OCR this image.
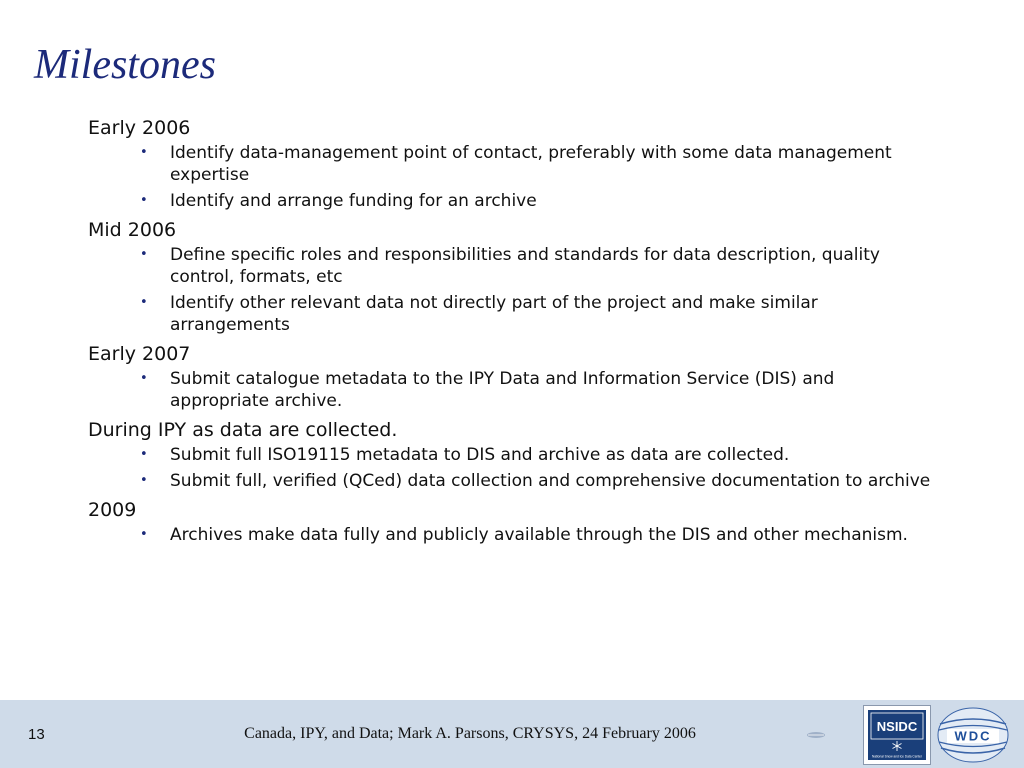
Milestones
Early 2006
• Identify data-management point of contact, preferably with some data management expertise
• Identify and arrange funding for an archive
Mid 2006
• Define specific roles and responsibilities and standards for data description, quality control, formats, etc
• Identify other relevant data not directly part of the project and make similar arrangements
Early 2007
• Submit catalogue metadata to the IPY Data and Information Service (DIS) and appropriate archive.
During IPY as data are collected.
• Submit full ISO19115 metadata to DIS and archive as data are collected.
• Submit full, verified (QCed) data collection and comprehensive documentation to archive
2009
• Archives make data fully and publicly available through the DIS and other mechanism.
13	Canada, IPY, and Data; Mark A. Parsons, CRYSYS, 24 February 2006	NSIDC
National Snow and Ice Data Center
WDC
